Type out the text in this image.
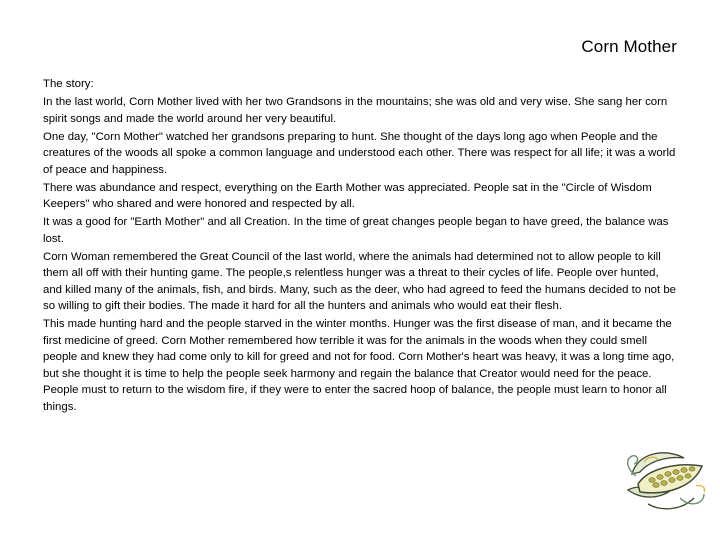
Corn Mother

The story:

In the last world, Corn Mother lived with her two Grandsons in the mountains; she was old and very wise. She sang her corn spirit songs and made the world around her very beautiful.

One day, "Corn Mother" watched her grandsons preparing to hunt. She thought of the days long ago when People and the creatures of the woods all spoke a common language and understood each other. There was respect for all life; it was a world of peace and happiness.

There was abundance and respect, everything on the Earth Mother was appreciated. People sat in the "Circle of Wisdom Keepers" who shared and were honored and respected by all.

It was a good for "Earth Mother" and all Creation. In the time of great changes people began to have greed, the balance was lost.

Corn Woman remembered the Great Council of the last world, where the animals had determined not to allow people to kill them all off with their hunting game. The people,s relentless hunger was a threat to their cycles of life. People over hunted, and killed many of the animals, fish, and birds. Many, such as the deer, who had agreed to feed the humans decided to not be so willing to gift their bodies. The made it hard for all the hunters and animals who would eat their flesh.

This made hunting hard and the people starved in the winter months. Hunger was the first disease of man, and it became the first medicine of greed. Corn Mother remembered how terrible it was for the animals in the woods when they could smell people and knew they had come only to kill for greed and not for food. Corn Mother's heart was heavy, it was a long time ago, but she thought it is time to help the people seek harmony and regain the balance that Creator would need for the peace. People must to return to the wisdom fire, if they were to enter the sacred hoop of balance, the people must learn to honor all things.
